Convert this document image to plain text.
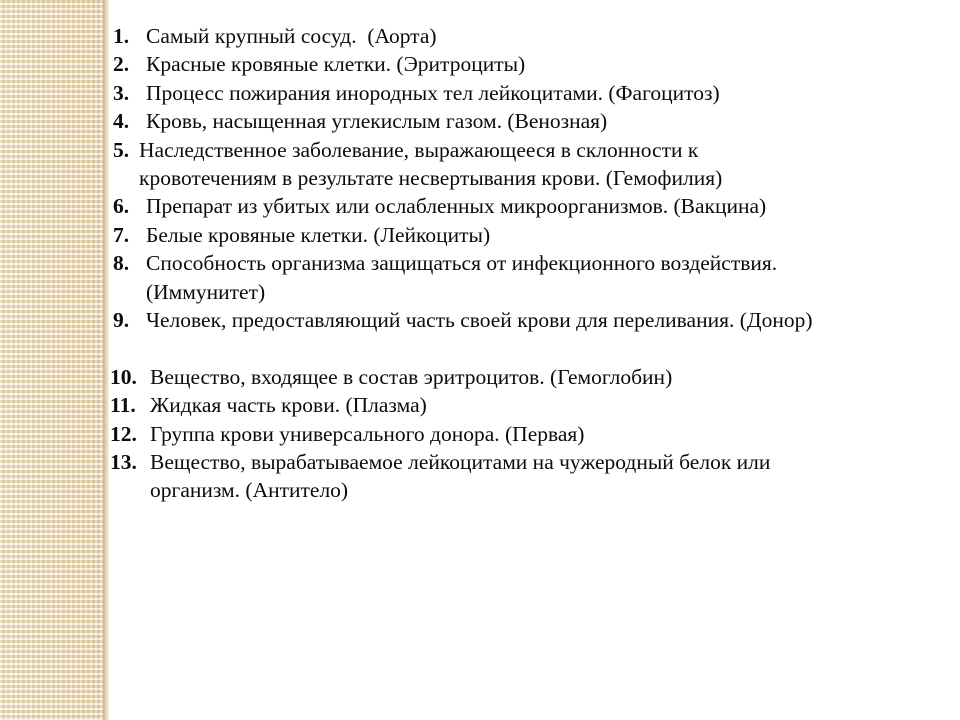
1. Самый крупный сосуд.  (Аорта)
2. Красные кровяные клетки. (Эритроциты)
3. Процесс пожирания инородных тел лейкоцитами. (Фагоцитоз)
4. Кровь, насыщенная углекислым газом. (Венозная)
5. Наследственное заболевание, выражающееся в склонности к
кровотечениям в результате несвертывания крови. (Гемофилия)
6. Препарат из убитых или ослабленных микроорганизмов. (Вакцина)
7. Белые кровяные клетки. (Лейкоциты)
8. Способность организма защищаться от инфекционного воздействия.
(Иммунитет)
9. Человек, предоставляющий часть своей крови для переливания. (Донор)
10. Вещество, входящее в состав эритроцитов. (Гемоглобин)
11. Жидкая часть крови. (Плазма)
12. Группа крови универсального донора. (Первая)
13. Вещество, вырабатываемое лейкоцитами на чужеродный белок или
организм. (Антитело)
